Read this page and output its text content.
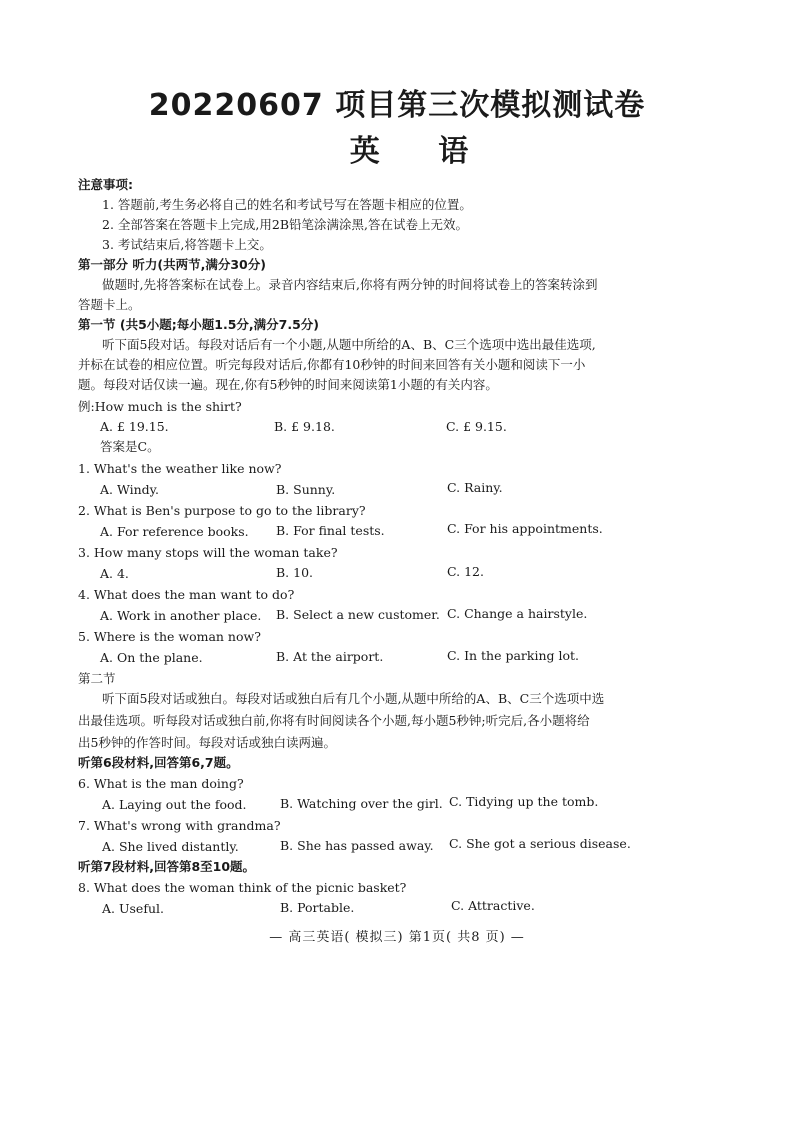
20220607 项目第三次模拟测试卷
英 语
注意事项:
1. 答题前,考生务必将自己的姓名和考试号写在答题卡相应的位置。
2. 全部答案在答题卡上完成,用2B铅笔涂满涂黑,答在试卷上无效。
3. 考试结束后,将答题卡上交。
第一部分 听力(共两节,满分30分)
做题时,先将答案标在试卷上。录音内容结束后,你将有两分钟的时间将试卷上的答案转涂到
答题卡上。
第一节 (共5小题;每小题1.5分,满分7.5分)
听下面5段对话。每段对话后有一个小题,从题中所给的A、B、C三个选项中选出最佳选项,
并标在试卷的相应位置。听完每段对话后,你都有10秒钟的时间来回答有关小题和阅读下一小
题。每段对话仅读一遍。现在,你有5秒钟的时间来阅读第1小题的有关内容。
例:How much is the shirt?
A. £ 19.15.	B. £ 9.18.	C. £ 9.15.
答案是C。
1. What's the weather like now?
A. Windy.	B. Sunny.	C. Rainy.
2. What is Ben's purpose to go to the library?
A. For reference books. B. For final tests.	C. For his appointments.
3. How many stops will the woman take?
A. 4.	B. 10.	C. 12.
4. What does the man want to do?
A. Work in another place. B. Select a new customer. C. Change a hairstyle.
5. Where is the woman now?
A. On the plane.	B. At the airport.	C. In the parking lot.
第二节
听下面5段对话或独白。每段对话或独白后有几个小题,从题中所给的A、B、C三个选项中选
出最佳选项。听每段对话或独白前,你将有时间阅读各个小题,每小题5秒钟;听完后,各小题将给
出5秒钟的作答时间。每段对话或独白读两遍。
听第6段材料,回答第6,7题。
6. What is the man doing?
A. Laying out the food.	B. Watching over the girl. C. Tidying up the tomb.
7. What's wrong with grandma?
A. She lived distantly.	B. She has passed away. C. She got a serious disease.
听第7段材料,回答第8至10题。
8. What does the woman think of the picnic basket?
A. Useful.	B. Portable.	C. Attractive.
— 高三英语( 模拟三) 第1页( 共8 页) —
